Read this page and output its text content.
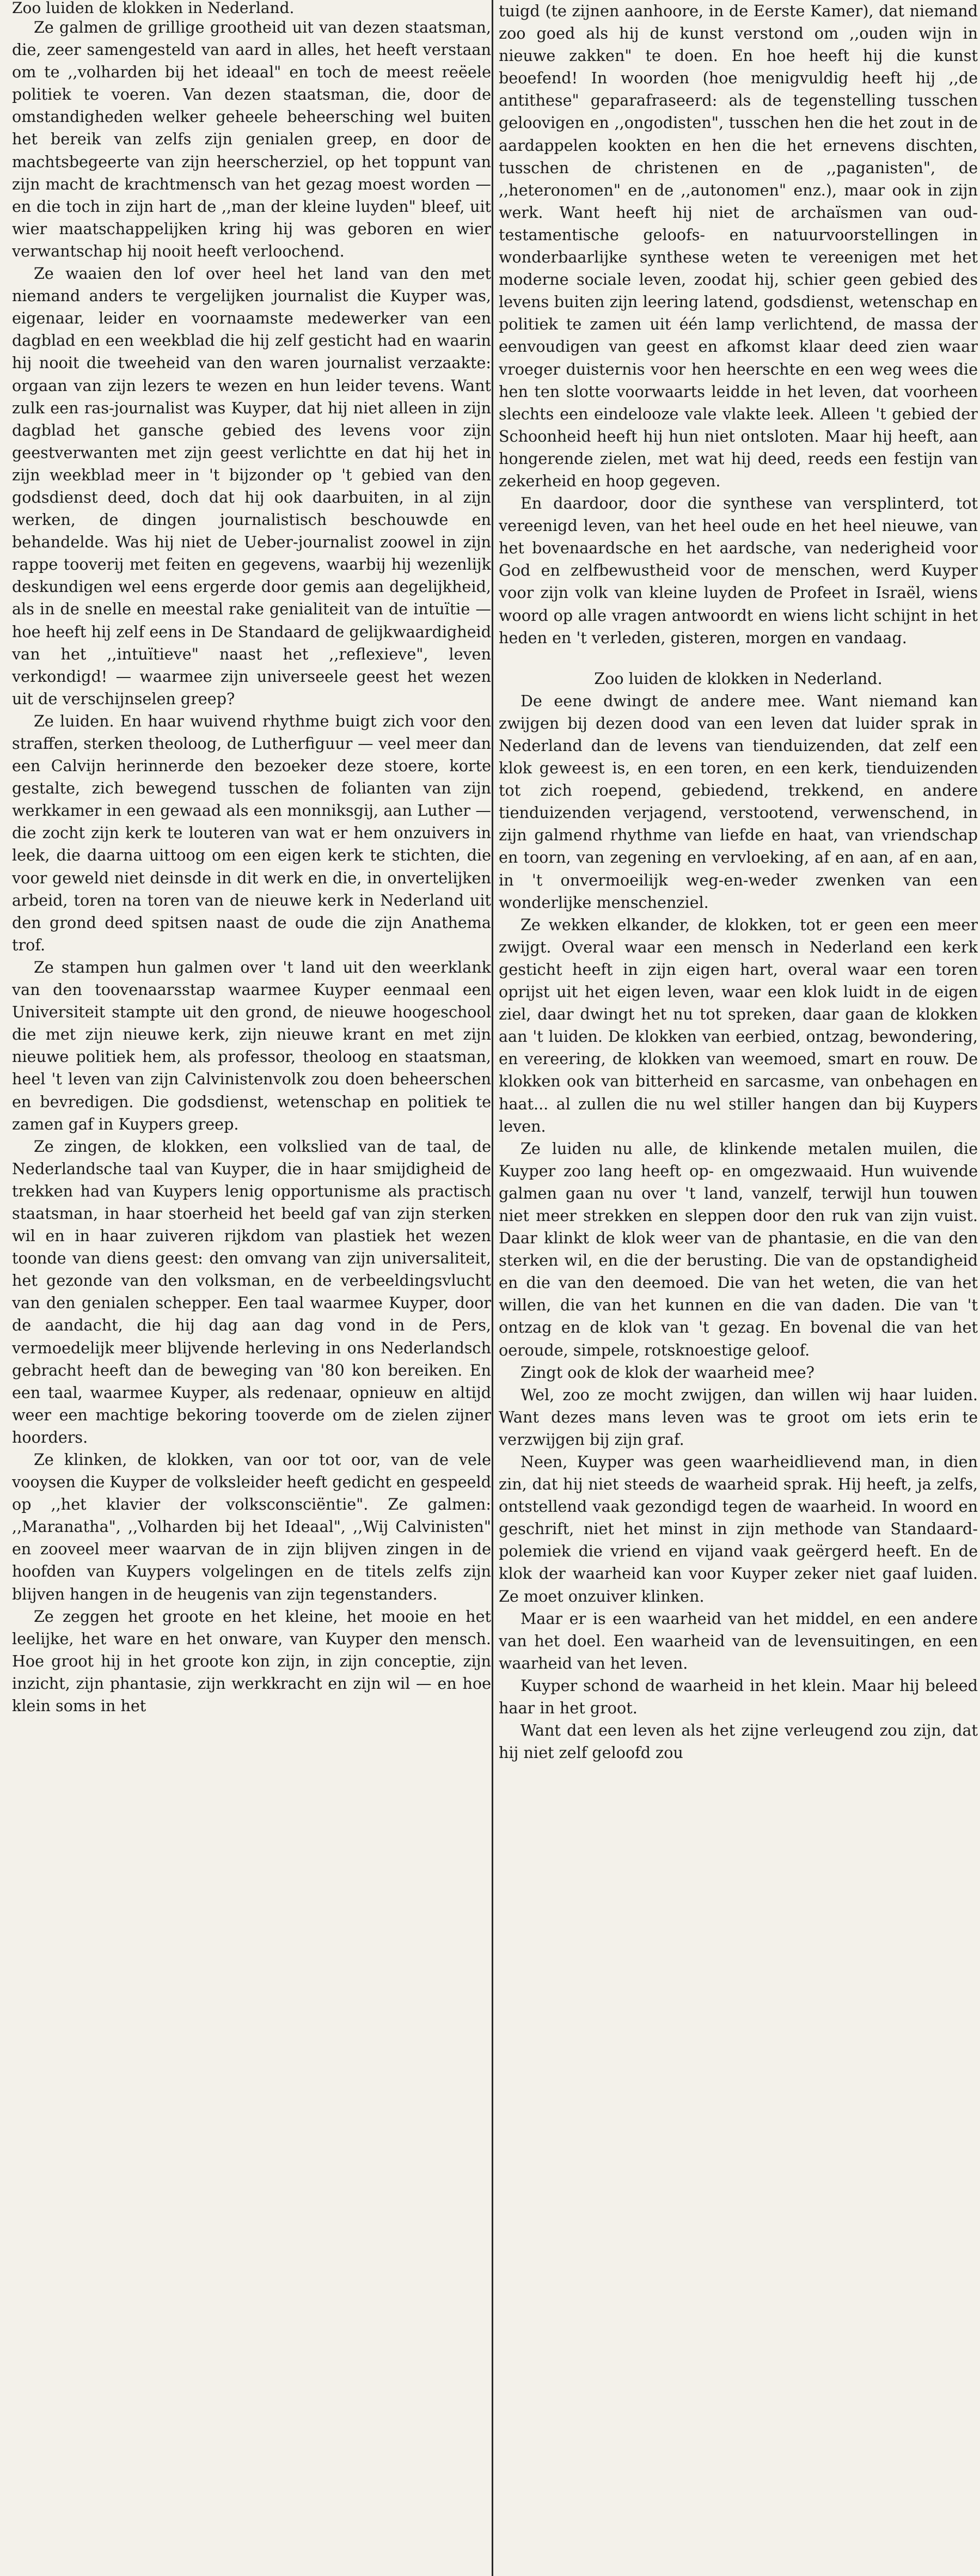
Zoo luiden de klokken in Nederland.

Ze galmen de grillige grootheid uit van dezen staatsman, die, zeer samengesteld van aard in alles, het heeft verstaan om te ,,volharden bij het ideaal" en toch de meest reëele politiek te voeren. Van dezen staatsman, die, door de omstandigheden welker geheele beheersching wel buiten het bereik van zelfs zijn genialen greep, en door de machtsbegeerte van zijn heerscherziel, op het toppunt van zijn macht de krachtmensch van het gezag moest worden — en die toch in zijn hart de ,,man der kleine luyden" bleef, uit wier maatschappelijken kring hij was geboren en wier verwantschap hij nooit heeft verloochend.

Ze waaien den lof over heel het land van den met niemand anders te vergelijken journalist die Kuyper was, eigenaar, leider en voornaamste medewerker van een dagblad en een weekblad die hij zelf gesticht had en waarin hij nooit die tweeheid van den waren journalist verzaakte: orgaan van zijn lezers te wezen en hun leider tevens. Want zulk een ras-journalist was Kuyper, dat hij niet alleen in zijn dagblad het gansche gebied des levens voor zijn geestverwanten met zijn geest verlichtte en dat hij het in zijn weekblad meer in 't bijzonder op 't gebied van den godsdienst deed, doch dat hij ook daarbuiten, in al zijn werken, de dingen journalistisch beschouwde en behandelde. Was hij niet de Ueber-journalist zoowel in zijn rappe tooverij met feiten en gegevens, waarbij hij wezenlijk deskundigen wel eens ergerde door gemis aan degelijkheid, als in de snelle en meestal rake genialiteit van de intuïtie — hoe heeft hij zelf eens in De Standaard de gelijkwaardigheid van het ,,intuïtieve" naast het ,,reflexieve", leven verkondigd! — waarmee zijn universeele geest het wezen uit de verschijnselen greep?

Ze luiden. En haar wuivend rhythme buigt zich voor den straffen, sterken theoloog, de Lutherfiguur — veel meer dan een Calvijn herinnerde den bezoeker deze stoere, korte gestalte, zich bewegend tusschen de folianten van zijn werkkamer in een gewaad als een monniksgij, aan Luther — die zocht zijn kerk te louteren van wat er hem onzuivers in leek, die daarna uittoog om een eigen kerk te stichten, die voor geweld niet deinsde in dit werk en die, in onvertelijken arbeid, toren na toren van de nieuwe kerk in Nederland uit den grond deed spitsen naast de oude die zijn Anathema trof.

Ze stampen hun galmen over 't land uit den weerklank van den toovenaarsstap waarmee Kuyper eenmaal een Universiteit stampte uit den grond, de nieuwe hoogeschool die met zijn nieuwe kerk, zijn nieuwe krant en met zijn nieuwe politiek hem, als professor, theoloog en staatsman, heel 't leven van zijn Calvinistenvolk zou doen beheerschen en bevredigen. Die godsdienst, wetenschap en politiek te zamen gaf in Kuypers greep.

Ze zingen, de klokken, een volkslied van de taal, de Nederlandsche taal van Kuyper, die in haar smijdigheid de trekken had van Kuypers lenig opportunisme als practisch staatsman, in haar stoerheid het beeld gaf van zijn sterken wil en in haar zuiveren rijkdom van plastiek het wezen toonde van diens geest: den omvang van zijn universaliteit, het gezonde van den volksman, en de verbeeldingsvlucht van den genialen schepper. Een taal waarmee Kuyper, door de aandacht, die hij dag aan dag vond in de Pers, vermoedelijk meer blijvende herleving in ons Nederlandsch gebracht heeft dan de beweging van '80 kon bereiken. En een taal, waarmee Kuyper, als redenaar, opnieuw en altijd weer een machtige bekoring tooverde om de zielen zijner hoorders.

Ze klinken, de klokken, van oor tot oor, van de vele vooysen die Kuyper de volksleider heeft gedicht en gespeeld op ,,het klavier der volksconsciëntie". Ze galmen: ,,Maranatha", ,,Volharden bij het Ideaal", ,,Wij Calvinisten" en zooveel meer waarvan de in zijn blijven zingen in de hoofden van Kuypers volgelingen en de titels zelfs zijn blijven hangen in de heugenis van zijn tegenstanders.

Ze zeggen het groote en het kleine, het mooie en het leelijke, het ware en het onware, van Kuyper den mensch. Hoe groot hij in het groote kon zijn, in zijn conceptie, zijn inzicht, zijn phantasie, zijn werkkracht en zijn wil — en hoe klein soms in het

tuigd (te zijnen aanhoore, in de Eerste Kamer), dat niemand zoo goed als hij de kunst verstond om ,,ouden wijn in nieuwe zakken" te doen. En hoe heeft hij die kunst beoefend! In woorden (hoe menigvuldig heeft hij ,,de antithese" geparafraseerd: als de tegenstelling tusschen geloovigen en ,,ongodisten", tusschen hen die het zout in de aardappelen kookten en hen die het ernevens dischten, tusschen de christenen en de ,,paganisten", de ,,heteronomen" en de ,,autonomen" enz.), maar ook in zijn werk. Want heeft hij niet de archaïsmen van oud-testamentische geloofs- en natuurvoorstellingen in wonderbaarlijke synthese weten te vereenigen met het moderne sociale leven, zoodat hij, schier geen gebied des levens buiten zijn leering latend, godsdienst, wetenschap en politiek te zamen uit één lamp verlichtend, de massa der eenvoudigen van geest en afkomst klaar deed zien waar vroeger duisternis voor hen heerschte en een weg wees die hen ten slotte voorwaarts leidde in het leven, dat voorheen slechts een eindelooze vale vlakte leek. Alleen 't gebied der Schoonheid heeft hij hun niet ontsloten. Maar hij heeft, aan hongerende zielen, met wat hij deed, reeds een festijn van zekerheid en hoop gegeven.

En daardoor, door die synthese van versplinterd, tot vereenigd leven, van het heel oude en het heel nieuwe, van het bovenaardsche en het aardsche, van nederigheid voor God en zelfbewustheid voor de menschen, werd Kuyper voor zijn volk van kleine luyden de Profeet in Israël, wiens woord op alle vragen antwoordt en wiens licht schijnt in het heden en 't verleden, gisteren, morgen en vandaag.

Zoo luiden de klokken in Nederland.

De eene dwingt de andere mee. Want niemand kan zwijgen bij dezen dood van een leven dat luider sprak in Nederland dan de levens van tienduizenden, dat zelf een klok geweest is, en een toren, en een kerk, tienduizenden tot zich roepend, gebiedend, trekkend, en andere tienduizenden verjagend, verstootend, verwenschend, in zijn galmend rhythme van liefde en haat, van vriendschap en toorn, van zegening en vervloeking, af en aan, af en aan, in 't onvermoeilijk weg-en-weder zwenken van een wonderlijke menschenziel.

Ze wekken elkander, de klokken, tot er geen een meer zwijgt. Overal waar een mensch in Nederland een kerk gesticht heeft in zijn eigen hart, overal waar een toren oprijst uit het eigen leven, waar een klok luidt in de eigen ziel, daar dwingt het nu tot spreken, daar gaan de klokken aan 't luiden. De klokken van eerbied, ontzag, bewondering, en vereering, de klokken van weemoed, smart en rouw. De klokken ook van bitterheid en sarcasme, van onbehagen en haat... al zullen die nu wel stiller hangen dan bij Kuypers leven.

Ze luiden nu alle, de klinkende metalen muilen, die Kuyper zoo lang heeft op- en omgezwaaid. Hun wuivende galmen gaan nu over 't land, vanzelf, terwijl hun touwen niet meer strekken en sleppen door den ruk van zijn vuist. Daar klinkt de klok weer van de phantasie, en die van den sterken wil, en die der berusting. Die van de opstandigheid en die van den deemoed. Die van het weten, die van het willen, die van het kunnen en die van daden. Die van 't ontzag en de klok van 't gezag. En bovenal die van het oeroude, simpele, rotsknoestige geloof.

Zingt ook de klok der waarheid mee?

Wel, zoo ze mocht zwijgen, dan willen wij haar luiden. Want dezes mans leven was te groot om iets erin te verzwijgen bij zijn graf.

Neen, Kuyper was geen waarheidlievend man, in dien zin, dat hij niet steeds de waarheid sprak. Hij heeft, ja zelfs, ontstellend vaak gezondigd tegen de waarheid. In woord en geschrift, niet het minst in zijn methode van Standaard-polemiek die vriend en vijand vaak geërgerd heeft. En de klok der waarheid kan voor Kuyper zeker niet gaaf luiden. Ze moet onzuiver klinken.

Maar er is een waarheid van het middel, en een andere van het doel. Een waarheid van de levensuitingen, en een waarheid van het leven.

Kuyper schond de waarheid in het klein. Maar hij beleed haar in het groot.

Want dat een leven als het zijne verleugend zou zijn, dat hij niet zelf geloofd zou
